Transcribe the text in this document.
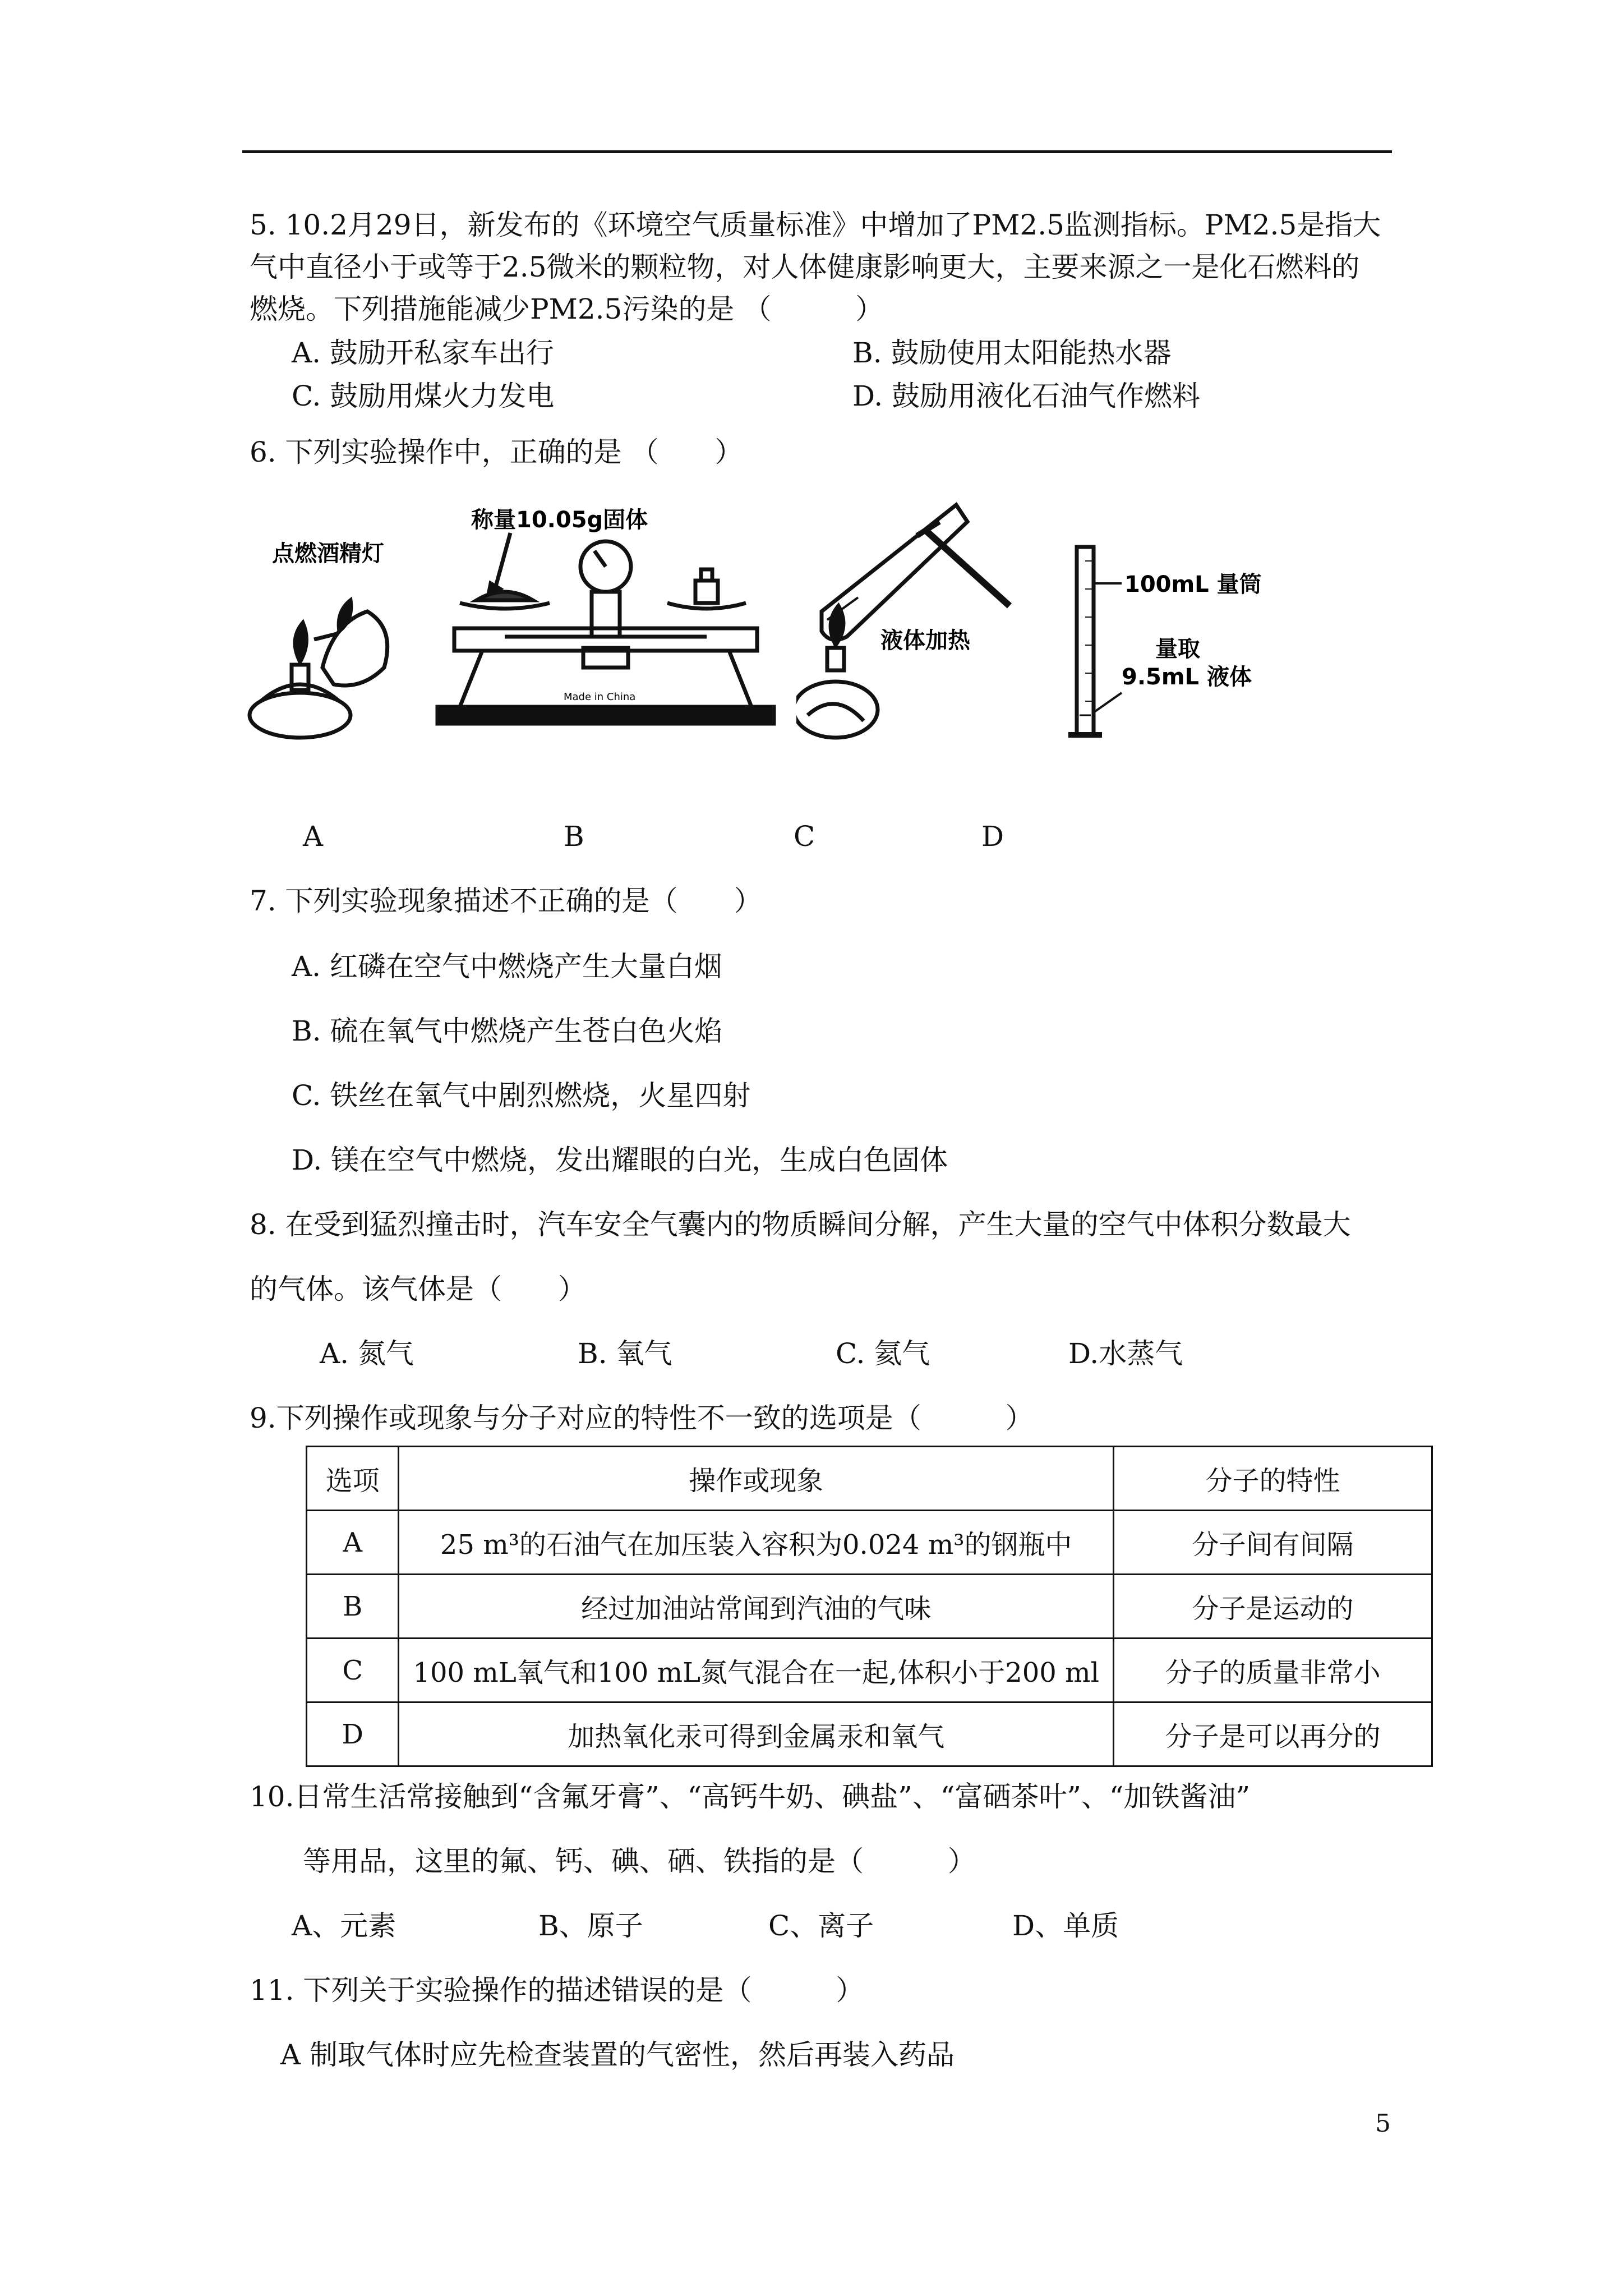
5. 10.2月29日，新发布的《环境空气质量标准》中增加了PM2.5监测指标。PM2.5是指大
气中直径小于或等于2.5微米的颗粒物，对人体健康影响更大，主要来源之一是化石燃料的
燃烧。下列措施能减少PM2.5污染的是 （　　　）
A. 鼓励开私家车出行	B. 鼓励使用太阳能热水器
C. 鼓励用煤火力发电	D. 鼓励用液化石油气作燃料
6. 下列实验操作中，正确的是 （　　）
点燃酒精灯
称量10.05g固体
Made in China
液体加热
100mL 量筒
量取
9.5mL 液体
A	B	C	D
7. 下列实验现象描述不正确的是（　　）
A. 红磷在空气中燃烧产生大量白烟
B. 硫在氧气中燃烧产生苍白色火焰
C. 铁丝在氧气中剧烈燃烧，火星四射
D. 镁在空气中燃烧，发出耀眼的白光，生成白色固体
8. 在受到猛烈撞击时，汽车安全气囊内的物质瞬间分解，产生大量的空气中体积分数最大
的气体。该气体是（　　）
A. 氮气	B. 氧气	C. 氦气	D.水蒸气
9.下列操作或现象与分子对应的特性不一致的选项是（　　　）
选项	操作或现象	分子的特性
A	25 m³的石油气在加压装入容积为0.024 m³的钢瓶中	分子间有间隔
B	经过加油站常闻到汽油的气味	分子是运动的
C	100 mL氧气和100 mL氮气混合在一起,体积小于200 ml	分子的质量非常小
D	加热氧化汞可得到金属汞和氧气	分子是可以再分的
10.日常生活常接触到“含氟牙膏”、“高钙牛奶、碘盐”、“富硒茶叶”、“加铁酱油”
等用品，这里的氟、钙、碘、硒、铁指的是（　　　）
A、元素	B、原子	C、离子	D、单质
11. 下列关于实验操作的描述错误的是（　　　）
A 制取气体时应先检查装置的气密性，然后再装入药品
5
